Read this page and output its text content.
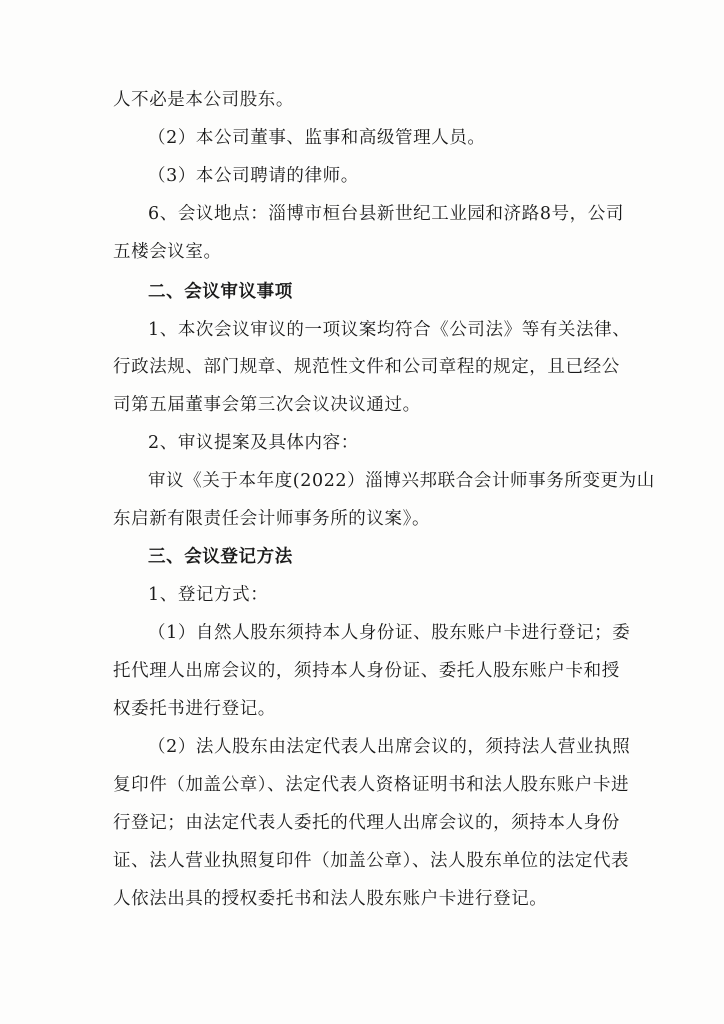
人不必是本公司股东。

（2）本公司董事、监事和高级管理人员。

（3）本公司聘请的律师。

6、会议地点：淄博市桓台县新世纪工业园和济路8号，公司

五楼会议室。

二、会议审议事项

1、本次会议审议的一项议案均符合《公司法》等有关法律、

行政法规、部门规章、规范性文件和公司章程的规定，且已经公

司第五届董事会第三次会议决议通过。

2、审议提案及具体内容：

审议《关于本年度(2022）淄博兴邦联合会计师事务所变更为山

东启新有限责任会计师事务所的议案》。

三、会议登记方法

1、登记方式：

（1）自然人股东须持本人身份证、股东账户卡进行登记；委

托代理人出席会议的，须持本人身份证、委托人股东账户卡和授

权委托书进行登记。

（2）法人股东由法定代表人出席会议的，须持法人营业执照

复印件（加盖公章）、法定代表人资格证明书和法人股东账户卡进

行登记；由法定代表人委托的代理人出席会议的，须持本人身份

证、法人营业执照复印件（加盖公章）、法人股东单位的法定代表

人依法出具的授权委托书和法人股东账户卡进行登记。
